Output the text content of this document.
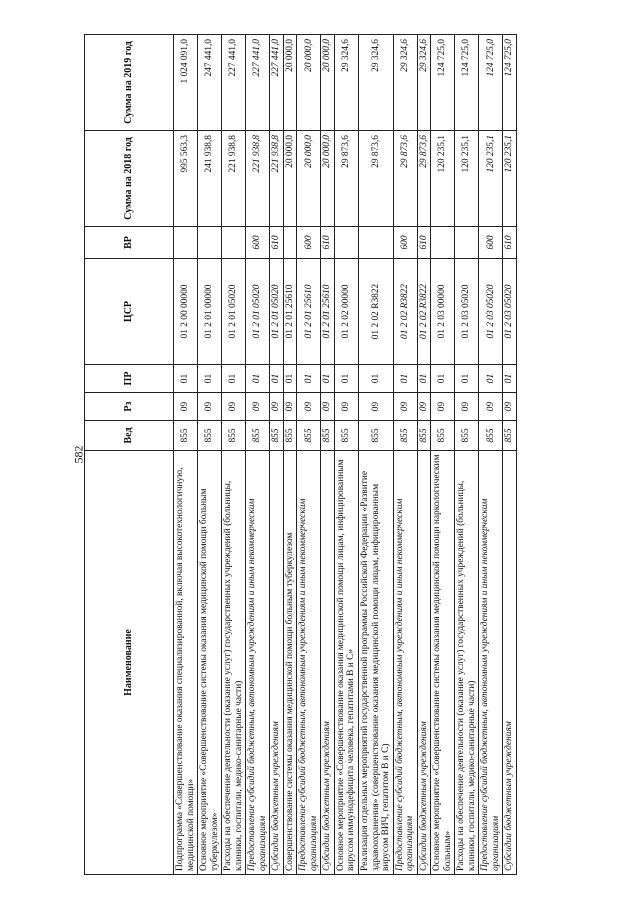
582
Наименование	Вед	Рз	ПР	ЦСР	ВР	Сумма на 2018 год	Сумма на 2019 год
Подпрограмма «Совершенствование оказания специализированной, включая высокотехнологичную, медицинской помощи»	855	09	01	01 2 00 00000		995 563,3	1 024 091,0
Основное мероприятие «Совершенствование системы оказания медицинской помощи больным туберкулезом»	855	09	01	01 2 01 00000		241 938,8	247 441,0
Расходы на обеспечение деятельности (оказание услуг) государственных учреждений (больницы, клиники, госпитали, медико-санитарные части)	855	09	01	01 2 01 05020		221 938,8	227 441,0
Предоставление субсидий бюджетным, автономным учреждениям и иным некоммерческим организациям	855	09	01	01 2 01 05020	600	221 938,8	227 441,0
Субсидии бюджетным учреждениям	855	09	01	01 2 01 05020	610	221 938,8	227 441,0
Совершенствование системы оказания медицинской помощи больным туберкулезом	855	09	01	01 2 01 25610		20 000,0	20 000,0
Предоставление субсидий бюджетным, автономным учреждениям и иным некоммерческим организациям	855	09	01	01 2 01 25610	600	20 000,0	20 000,0
Субсидии бюджетным учреждениям	855	09	01	01 2 01 25610	610	20 000,0	20 000,0
Основное мероприятие «Совершенствование оказания медицинской помощи лицам, инфицированным вирусом иммунодефицита человека, гепатитами В и С»	855	09	01	01 2 02 00000		29 873,6	29 324,6
Реализация отдельных мероприятий государственной программы Российской Федерации «Развитие здравоохранения» (совершенствование оказания медицинской помощи лицам, инфицированным вирусом ВИЧ, гепатитом В и С)	855	09	01	01 2 02 R3822		29 873,6	29 324,6
Предоставление субсидий бюджетным, автономным учреждениям и иным некоммерческим организациям	855	09	01	01 2 02 R3822	600	29 873,6	29 324,6
Субсидии бюджетным учреждениям	855	09	01	01 2 02 R3822	610	29 873,6	29 324,6
Основное мероприятие «Совершенствование системы оказания медицинской помощи наркологическим больным»	855	09	01	01 2 03 00000		120 235,1	124 725,0
Расходы на обеспечение деятельности (оказание услуг) государственных учреждений (больницы, клиники, госпитали, медико-санитарные части)	855	09	01	01 2 03 05020		120 235,1	124 725,0
Предоставление субсидий бюджетным, автономным учреждениям и иным некоммерческим организациям	855	09	01	01 2 03 05020	600	120 235,1	124 725,0
Субсидии бюджетным учреждениям	855	09	01	01 2 03 05020	610	120 235,1	124 725,0
